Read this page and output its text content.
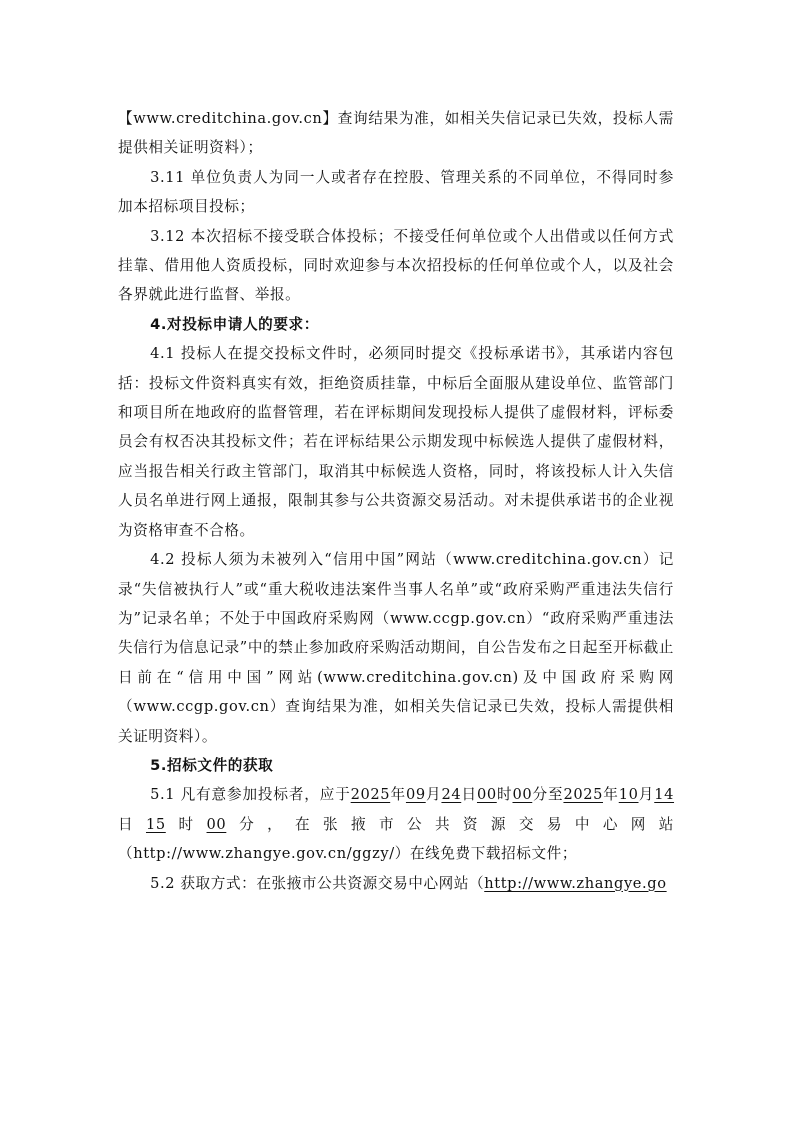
【www.creditchina.gov.cn】查询结果为准，如相关失信记录已失效，投标人需提供相关证明资料）；

3.11 单位负责人为同一人或者存在控股、管理关系的不同单位，不得同时参加本招标项目投标；

3.12 本次招标不接受联合体投标；不接受任何单位或个人出借或以任何方式挂靠、借用他人资质投标，同时欢迎参与本次招投标的任何单位或个人，以及社会各界就此进行监督、举报。

4.对投标申请人的要求：

4.1 投标人在提交投标文件时，必须同时提交《投标承诺书》，其承诺内容包括：投标文件资料真实有效，拒绝资质挂靠，中标后全面服从建设单位、监管部门和项目所在地政府的监督管理，若在评标期间发现投标人提供了虚假材料，评标委员会有权否决其投标文件；若在评标结果公示期发现中标候选人提供了虚假材料，应当报告相关行政主管部门，取消其中标候选人资格，同时，将该投标人计入失信人员名单进行网上通报，限制其参与公共资源交易活动。对未提供承诺书的企业视为资格审查不合格。

4.2 投标人须为未被列入“信用中国”网站（www.creditchina.gov.cn）记录“失信被执行人”或“重大税收违法案件当事人名单”或“政府采购严重违法失信行为”记录名单；不处于中国政府采购网（www.ccgp.gov.cn）“政府采购严重违法失信行为信息记录”中的禁止参加政府采购活动期间，自公告发布之日起至开标截止日前在“信用中国”网站(www.creditchina.gov.cn)及中国政府采购网（www.ccgp.gov.cn）查询结果为准，如相关失信记录已失效，投标人需提供相关证明资料）。

5.招标文件的获取

5.1 凡有意参加投标者，应于2025年09月24日00时00分至2025年10月14日15时00分，在张掖市公共资源交易中心网站（http://www.zhangye.gov.cn/ggzy/）在线免费下载招标文件；

5.2 获取方式：在张掖市公共资源交易中心网站（http://www.zhangye.go
